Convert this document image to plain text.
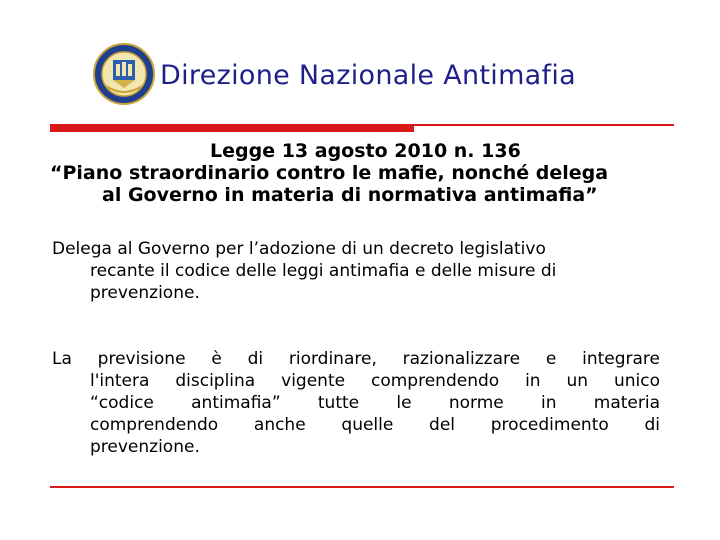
Direzione Nazionale Antimafia
Legge 13 agosto 2010 n. 136
“Piano straordinario contro le mafie, nonché delega
al Governo in materia di normativa antimafia”
Delega al Governo per l’adozione di un decreto legislativo
recante il codice delle leggi antimafia e delle misure di
prevenzione.
La previsione è di riordinare, razionalizzare e integrare
l'intera disciplina vigente comprendendo in un unico
“codice antimafia” tutte le norme in materia
comprendendo anche quelle del procedimento di
prevenzione.
